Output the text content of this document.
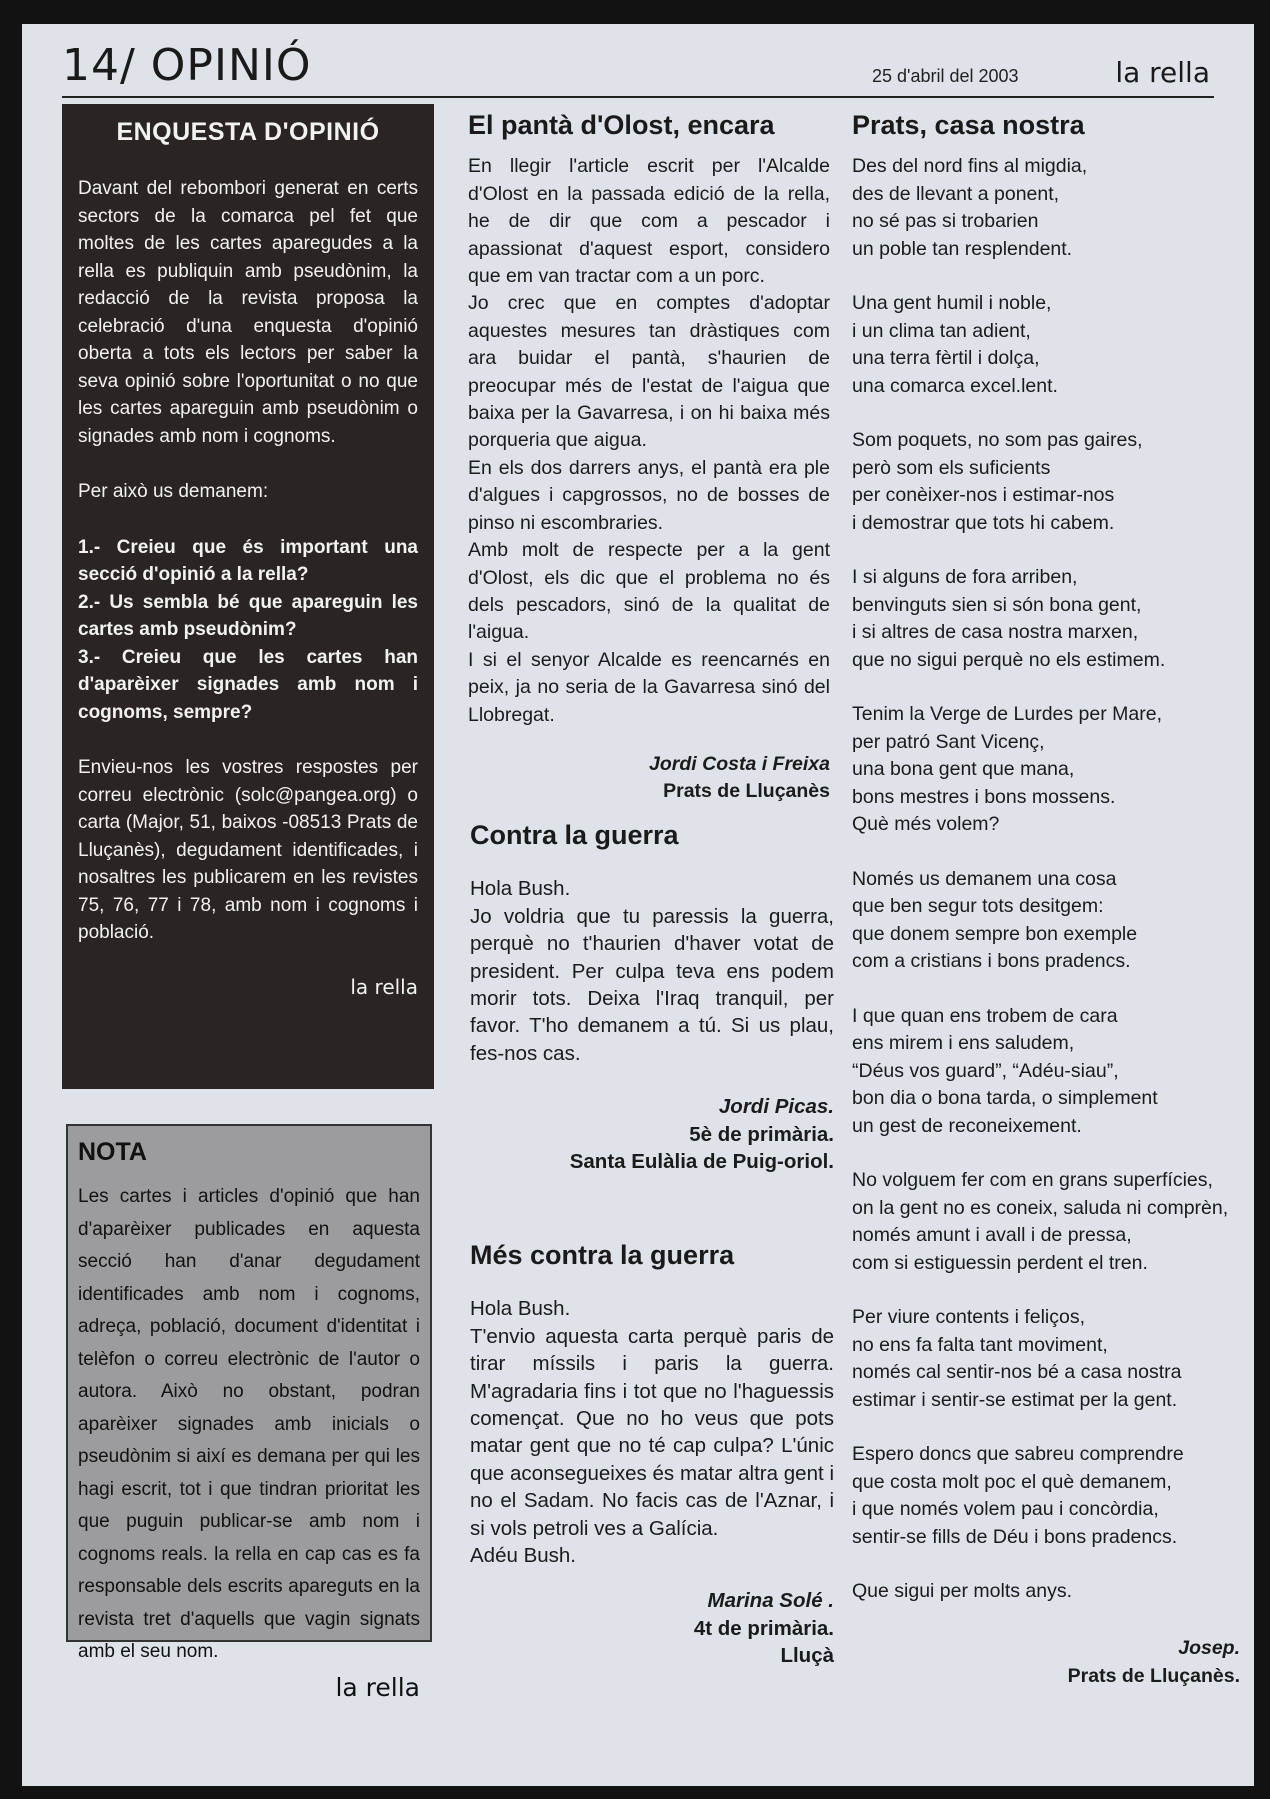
14/ OPINIÓ	25 d'abril del 2003	la rella
ENQUESTA D'OPINIÓ

Davant del rebombori generat en certs sectors de la comarca pel fet que moltes de les cartes aparegudes a la rella es publiquin amb pseudònim, la redacció de la revista proposa la celebració d'una enquesta d'opinió oberta a tots els lectors per saber la seva opinió sobre l'oportunitat o no que les cartes apareguin amb pseudònim o signades amb nom i cognoms.

Per això us demanem:

1.- Creieu que és important una secció d'opinió a la rella?

2.- Us sembla bé que apareguin les cartes amb pseudònim?

3.- Creieu que les cartes han d'aparèixer signades amb nom i cognoms, sempre?

Envieu-nos les vostres respostes per correu electrònic (solc@pangea.org) o carta (Major, 51, baixos -08513 Prats de Lluçanès), degudament identificades, i nosaltres les publicarem en les revistes 75, 76, 77 i 78, amb nom i cognoms i població.

la rella
NOTA

Les cartes i articles d'opinió que han d'aparèixer publicades en aquesta secció han d'anar degudament identificades amb nom i cognoms, adreça, població, document d'identitat i telèfon o correu electrònic de l'autor o autora. Això no obstant, podran aparèixer signades amb inicials o pseudònim si així es demana per qui les hagi escrit, tot i que tindran prioritat les que puguin publicar-se amb nom i cognoms reals. la rella en cap cas es fa responsable dels escrits apareguts en la revista tret d'aquells que vagin signats amb el seu nom.

la rella
El pantà d'Olost, encara

En llegir l'article escrit per l'Alcalde d'Olost en la passada edició de la rella, he de dir que com a pescador i apassionat d'aquest esport, considero que em van tractar com a un porc.

Jo crec que en comptes d'adoptar aquestes mesures tan dràstiques com ara buidar el pantà, s'haurien de preocupar més de l'estat de l'aigua que baixa per la Gavarresa, i on hi baixa més porqueria que aigua.

En els dos darrers anys, el pantà era ple d'algues i capgrossos, no de bosses de pinso ni escombraries.

Amb molt de respecte per a la gent d'Olost, els dic que el problema no és dels pescadors, sinó de la qualitat de l'aigua.

I si el senyor Alcalde es reencarnés en peix, ja no seria de la Gavarresa sinó del Llobregat.

Jordi Costa i Freixa

Prats de Lluçanès

Contra la guerra

Hola Bush.

Jo voldria que tu paressis la guerra, perquè no t'haurien d'haver votat de president. Per culpa teva ens podem morir tots. Deixa l'Iraq tranquil, per favor. T'ho demanem a tú. Si us plau, fes-nos cas.

Jordi Picas.

5è de primària.

Santa Eulàlia de Puig-oriol.

Més contra la guerra

Hola Bush.

T'envio aquesta carta perquè paris de tirar míssils i paris la guerra. M'agradaria fins i tot que no l'haguessis començat. Que no ho veus que pots matar gent que no té cap culpa? L'únic que aconsegueixes és matar altra gent i no el Sadam. No facis cas de l'Aznar, i si vols petroli ves a Galícia.

Adéu Bush.

Marina Solé .

4t de primària.

Lluçà

Prats, casa nostra
Des del nord fins al migdia,
des de llevant a ponent,
no sé pas si trobarien
un poble tan resplendent.
Una gent humil i noble,
i un clima tan adient,
una terra fèrtil i dolça,
una comarca excel.lent.
Som poquets, no som pas gaires,
però som els suficients
per conèixer-nos i estimar-nos
i demostrar que tots hi cabem.
I si alguns de fora arriben,
benvinguts sien si són bona gent,
i si altres de casa nostra marxen,
que no sigui perquè no els estimem.
Tenim la Verge de Lurdes per Mare,
per patró Sant Vicenç,
una bona gent que mana,
bons mestres i bons mossens.
Què més volem?
Només us demanem una cosa
que ben segur tots desitgem:
que donem sempre bon exemple
com a cristians i bons pradencs.
I que quan ens trobem de cara
ens mirem i ens saludem,
“Déus vos guard”, “Adéu-siau”,
bon dia o bona tarda, o simplement
un gest de reconeixement.
No volguem fer com en grans superfícies,
on la gent no es coneix, saluda ni comprèn,
només amunt i avall i de pressa,
com si estiguessin perdent el tren.
Per viure contents i feliços,
no ens fa falta tant moviment,
només cal sentir-nos bé a casa nostra
estimar i sentir-se estimat per la gent.
Espero doncs que sabreu comprendre
que costa molt poc el què demanem,
i que només volem pau i concòrdia,
sentir-se fills de Déu i bons pradencs.
Que sigui per molts anys.

Josep.

Prats de Lluçanès.
